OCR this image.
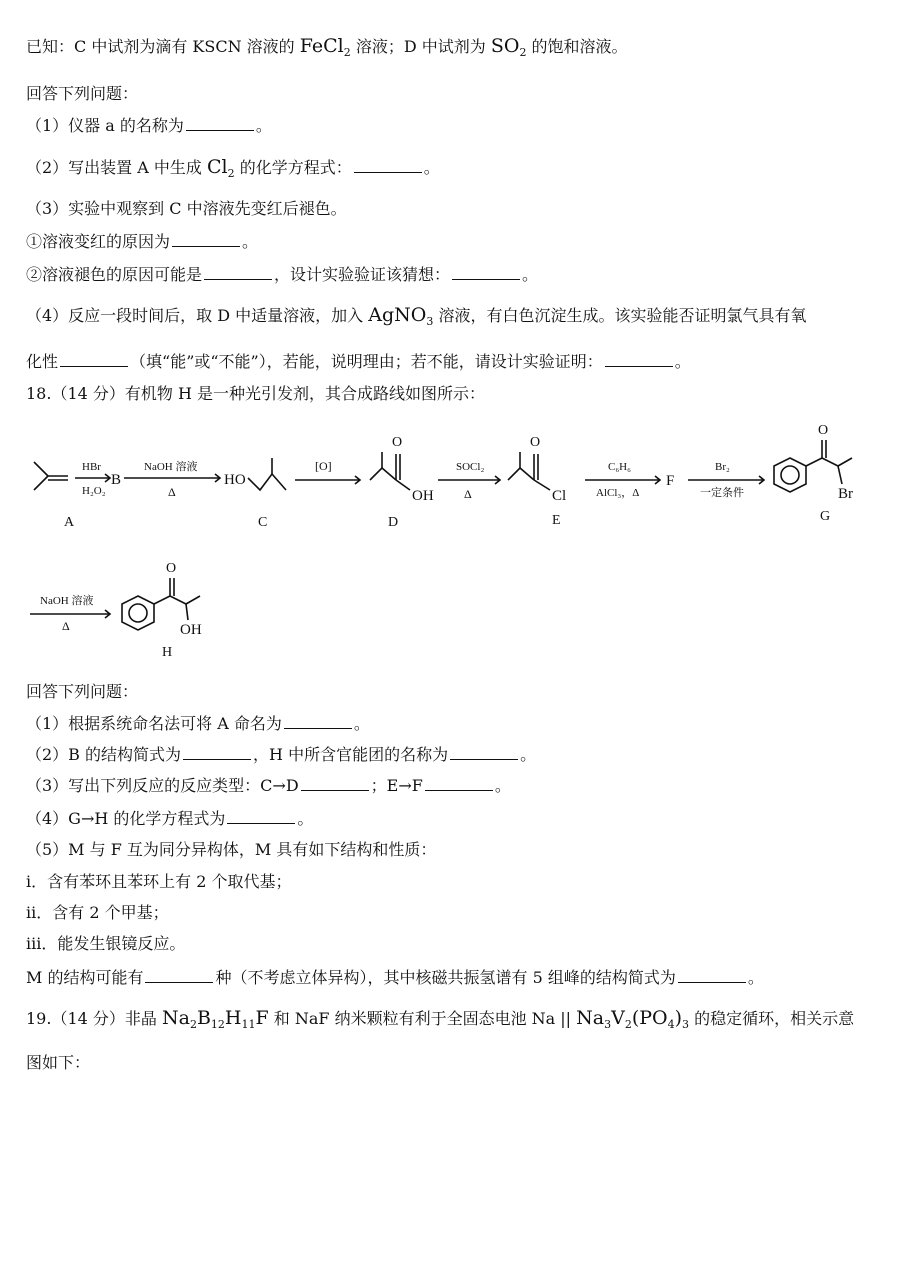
已知：C 中试剂为滴有 KSCN 溶液的 FeCl$_2$ 溶液；D 中试剂为 $SO_2$ 的饱和溶液。
回答下列问题：
（1）仪器 a 的名称为	。
（2）写出装置 A 中生成 $Cl_2$ 的化学方程式：	。
（3）实验中观察到 C 中溶液先变红后褪色。
①溶液变红的原因为	。
②溶液褪色的原因可能是	，设计实验验证该猜想：	。
（4）反应一段时间后，取 D 中适量溶液，加入 AgNO$_3$ 溶液，有白色沉淀生成。该实验能否证明氯气具有氧
化性	（填“能”或“不能”），若能，说明理由；若不能，请设计实验证明：	。
18.（14 分）有机物 H 是一种光引发剂，其合成路线如图所示：
A
B
C	D	E
F
G
H
HBr
H₂O₂
NaOH 溶液
Δ
[O]	SOCl₂
Δ
C₆H₆
AlCl₃，Δ
Br₂
一定条件
NaOH 溶液
Δ
HO
O
OH
O
Cl
O
Br
O
OH
回答下列问题：
（1）根据系统命名法可将 A 命名为	。
（2）B 的结构简式为	，H 中所含官能团的名称为	。
（3）写出下列反应的反应类型：C→D	；E→F	。
（4）G→H 的化学方程式为	。
（5）M 与 F 互为同分异构体，M 具有如下结构和性质：
i．含有苯环且苯环上有 2 个取代基；
ii．含有 2 个甲基；
iii．能发生银镜反应。
M 的结构可能有	种（不考虑立体异构），其中核磁共振氢谱有 5 组峰的结构简式为	。
19.（14 分）非晶 $Na_2B_{12}H_{11}F$ 和 NaF 纳米颗粒有利于全固态电池 Na || $Na_3V_2(PO_4)_3$ 的稳定循环，相关示意
图如下：
